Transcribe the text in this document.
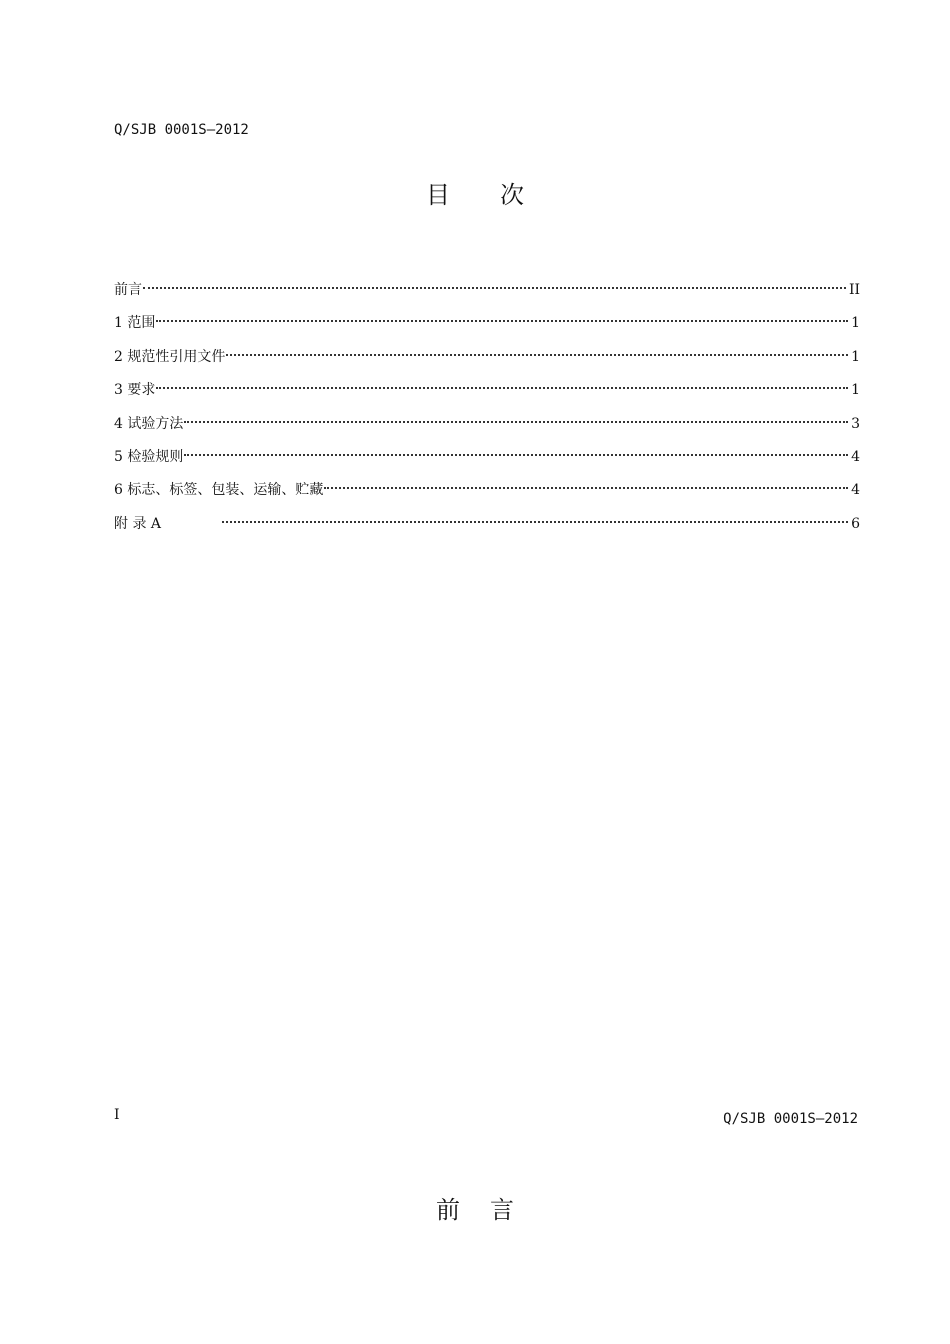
Q/SJB 0001S—2012
目 次
前言	II
1 范围	1
2 规范性引用文件	1
3 要求	1
4 试验方法	3
5 检验规则	4
6 标志、标签、包装、运输、贮藏	4
附 录 A	6
I	Q/SJB 0001S—2012
前 言
